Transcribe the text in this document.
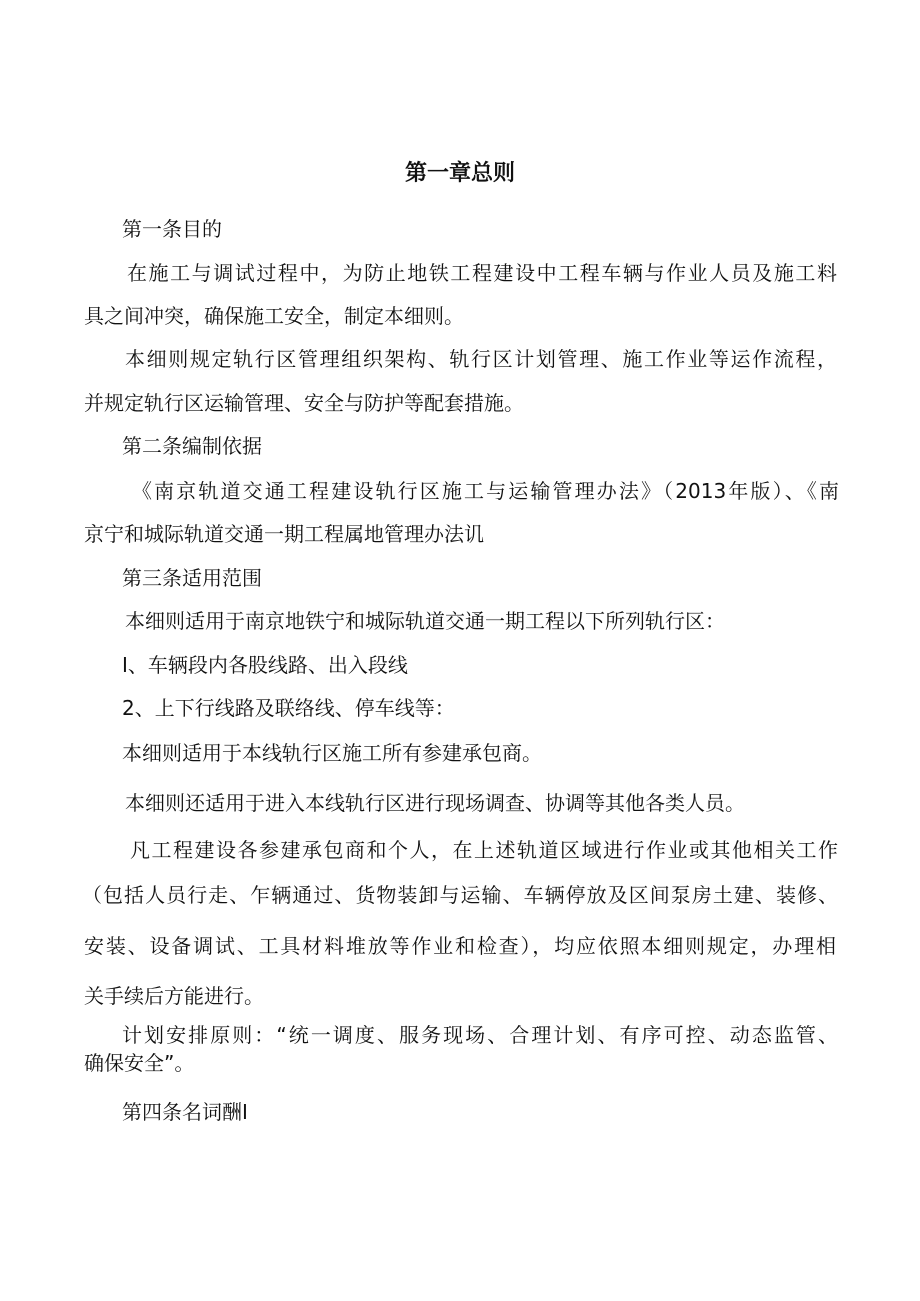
第一章总则
第一条目的
在施工与调试过程中，为防止地铁工程建设中工程车辆与作业人员及施工料
具之间冲突，确保施工安全，制定本细则。
本细则规定轨行区管理组织架构、轨行区计划管理、施工作业等运作流程，
并规定轨行区运输管理、安全与防护等配套措施。
第二条编制依据
《南京轨道交通工程建设轨行区施工与运输管理办法》（2013年版）、《南
京宁和城际轨道交通一期工程属地管理办法讥
第三条适用范围
本细则适用于南京地铁宁和城际轨道交通一期工程以下所列轨行区：
I、车辆段内各股线路、出入段线
2、上下行线路及联络线、停车线等：
本细则适用于本线轨行区施工所有参建承包商。
本细则还适用于进入本线轨行区进行现场调查、协调等其他各类人员。
凡工程建设各参建承包商和个人，在上述轨道区域进行作业或其他相关工作
（包括人员行走、乍辆通过、货物装卸与运输、车辆停放及区间泵房土建、装修、
安装、设备调试、工具材料堆放等作业和检查），均应依照本细则规定，办理相
关手续后方能进行。
计划安排原则：“统一调度、服务现场、合理计划、有序可控、动态监管、
确保安全”。
第四条名词酬I
